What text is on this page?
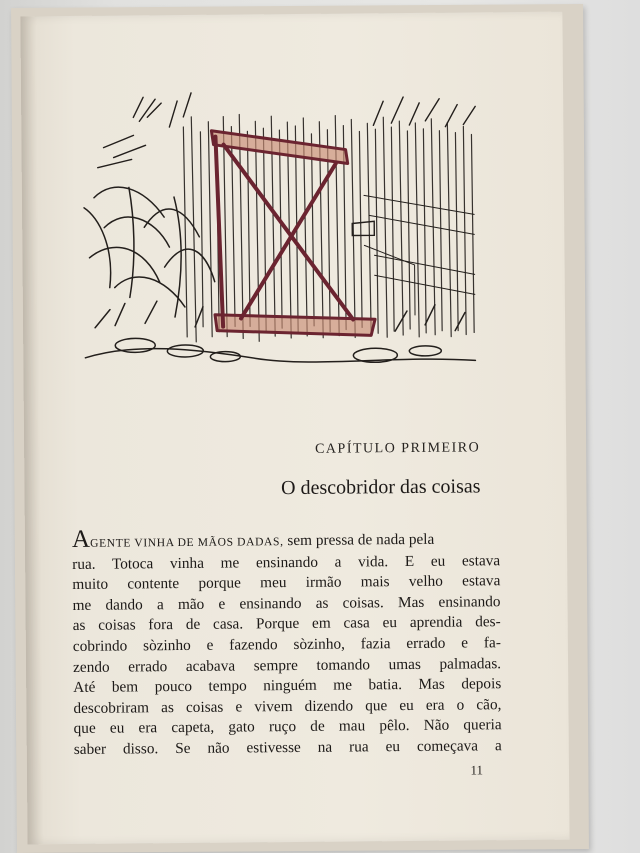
CAPÍTULO PRIMEIRO
O descobridor das coisas
AGENTE VINHA DE MÃOS DADAS, sem pressa de nada pela
rua. Totoca vinha me ensinando a vida. E eu estava
muito contente porque meu irmão mais velho estava
me dando a mão e ensinando as coisas. Mas ensinando
as coisas fora de casa. Porque em casa eu aprendia des-
cobrindo sòzinho e fazendo sòzinho, fazia errado e fa-
zendo errado acabava sempre tomando umas palmadas.
Até bem pouco tempo ninguém me batia. Mas depois
descobriram as coisas e vivem dizendo que eu era o cão,
que eu era capeta, gato ruço de mau pêlo. Não queria
saber disso. Se não estivesse na rua eu começava a
11
